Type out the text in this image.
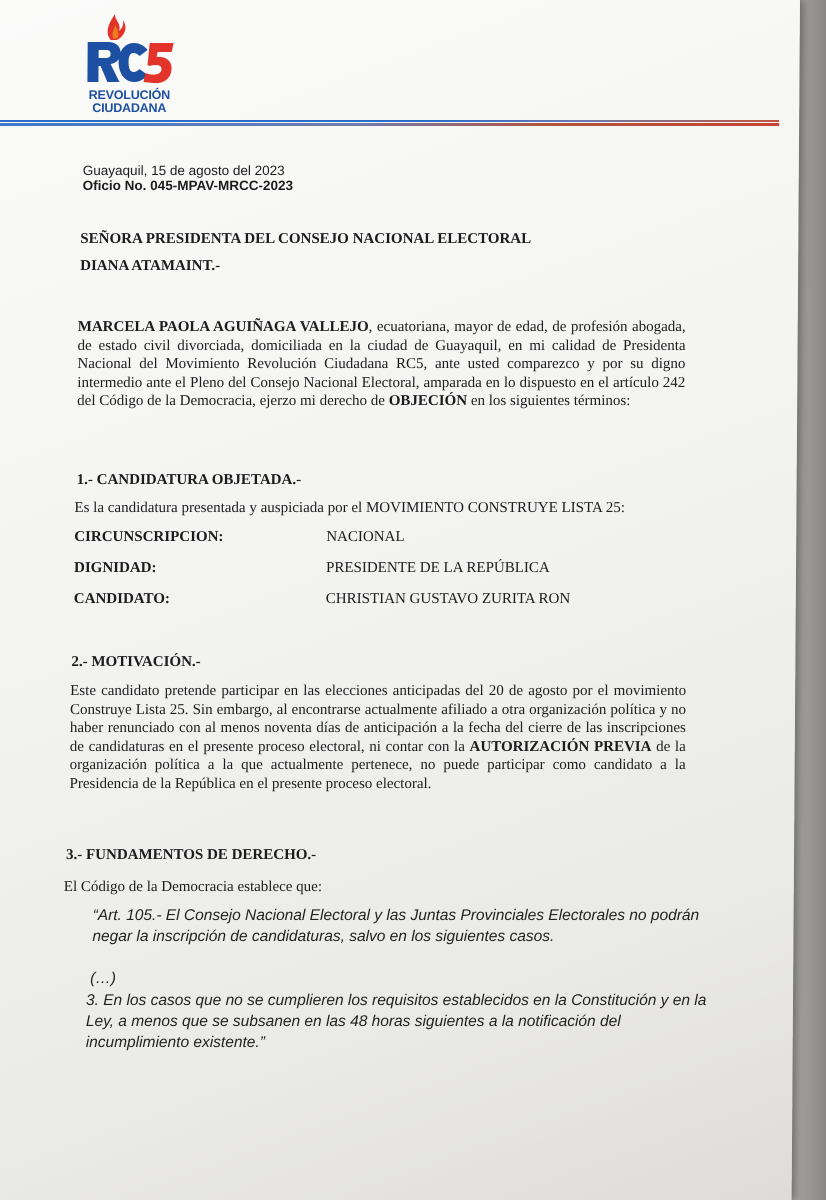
REVOLUCIÓN
CIUDADANA
Guayaquil, 15 de agosto del 2023
Oficio No. 045-MPAV-MRCC-2023
SEÑORA PRESIDENTA DEL CONSEJO NACIONAL ELECTORAL
DIANA ATAMAINT.-
MARCELA PAOLA AGUIÑAGA VALLEJO, ecuatoriana, mayor de edad, de profesión abogada, de estado civil divorciada, domiciliada en la ciudad de Guayaquil, en mi calidad de Presidenta Nacional del Movimiento Revolución Ciudadana RC5, ante usted comparezco y por su digno intermedio ante el Pleno del Consejo Nacional Electoral, amparada en lo dispuesto en el artículo 242 del Código de la Democracia, ejerzo mi derecho de OBJECIÓN en los siguientes términos:
1.- CANDIDATURA OBJETADA.-
Es la candidatura presentada y auspiciada por el MOVIMIENTO CONSTRUYE LISTA 25:
CIRCUNSCRIPCION:	NACIONAL
DIGNIDAD:	PRESIDENTE DE LA REPÚBLICA
CANDIDATO:	CHRISTIAN GUSTAVO ZURITA RON
2.- MOTIVACIÓN.-
Este candidato pretende participar en las elecciones anticipadas del 20 de agosto por el movimiento Construye Lista 25. Sin embargo, al encontrarse actualmente afiliado a otra organización política y no haber renunciado con al menos noventa días de anticipación a la fecha del cierre de las inscripciones de candidaturas en el presente proceso electoral, ni contar con la AUTORIZACIÓN PREVIA de la organización política a la que actualmente pertenece, no puede participar como candidato a la Presidencia de la República en el presente proceso electoral.
3.- FUNDAMENTOS DE DERECHO.-
El Código de la Democracia establece que:
“Art. 105.- El Consejo Nacional Electoral y las Juntas Provinciales Electorales no podrán negar la inscripción de candidaturas, salvo en los siguientes casos.
(…)
3. En los casos que no se cumplieren los requisitos establecidos en la Constitución y en la Ley, a menos que se subsanen en las 48 horas siguientes a la notificación del incumplimiento existente.”
